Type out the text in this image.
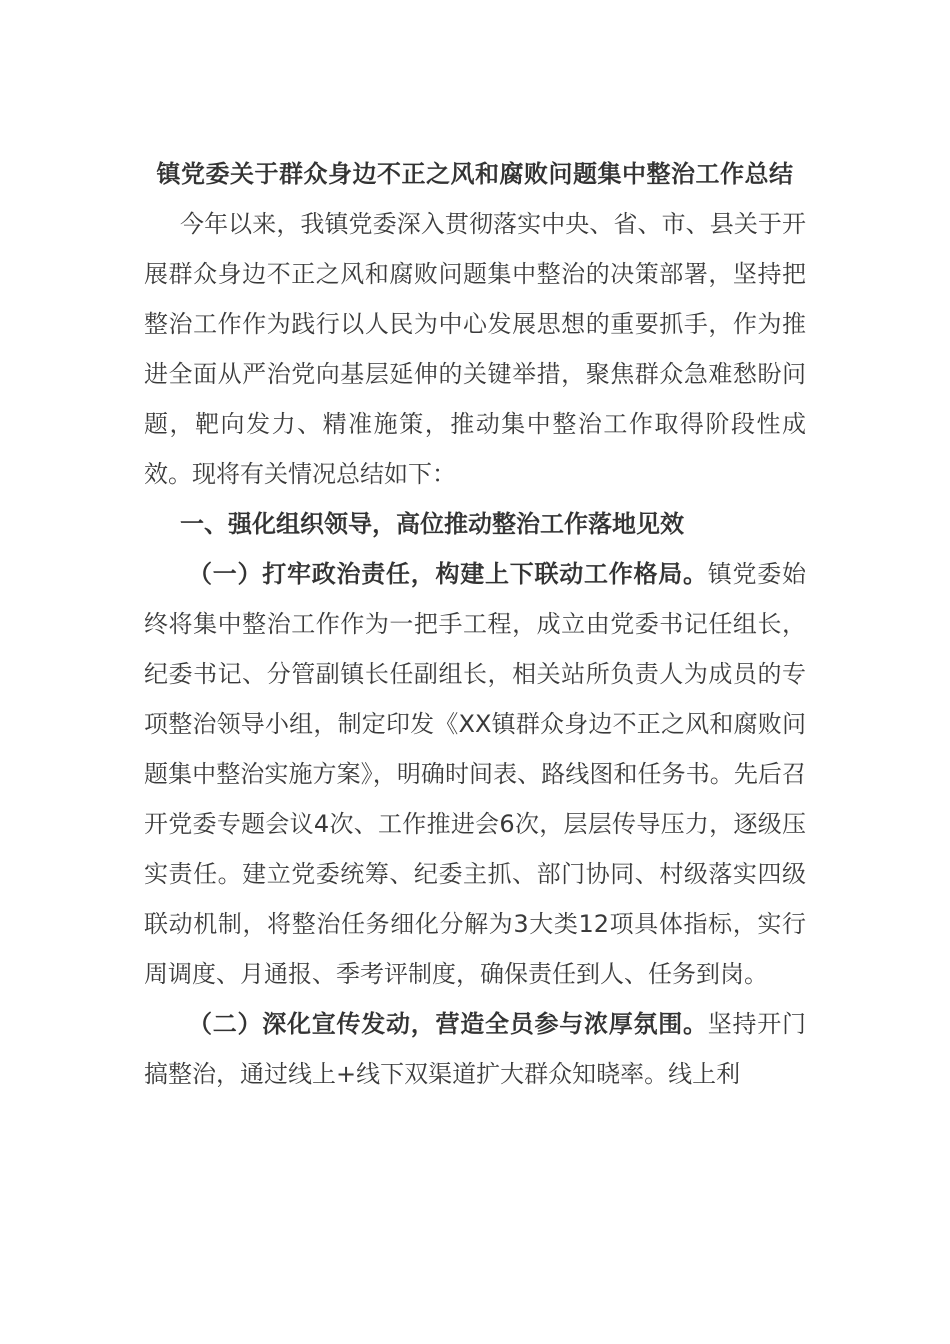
镇党委关于群众身边不正之风和腐败问题集中整治工作总结

今年以来，我镇党委深入贯彻落实中央、省、市、县关于开展群众身边不正之风和腐败问题集中整治的决策部署，坚持把整治工作作为践行以人民为中心发展思想的重要抓手，作为推进全面从严治党向基层延伸的关键举措，聚焦群众急难愁盼问题，靶向发力、精准施策，推动集中整治工作取得阶段性成效。现将有关情况总结如下：

一、强化组织领导，高位推动整治工作落地见效

（一）打牢政治责任，构建上下联动工作格局。镇党委始终将集中整治工作作为一把手工程，成立由党委书记任组长，纪委书记、分管副镇长任副组长，相关站所负责人为成员的专项整治领导小组，制定印发《XX镇群众身边不正之风和腐败问题集中整治实施方案》，明确时间表、路线图和任务书。先后召开党委专题会议4次、工作推进会6次，层层传导压力，逐级压实责任。建立党委统筹、纪委主抓、部门协同、村级落实四级联动机制，将整治任务细化分解为3大类12项具体指标，实行周调度、月通报、季考评制度，确保责任到人、任务到岗。

（二）深化宣传发动，营造全员参与浓厚氛围。坚持开门搞整治，通过线上+线下双渠道扩大群众知晓率。线上利
